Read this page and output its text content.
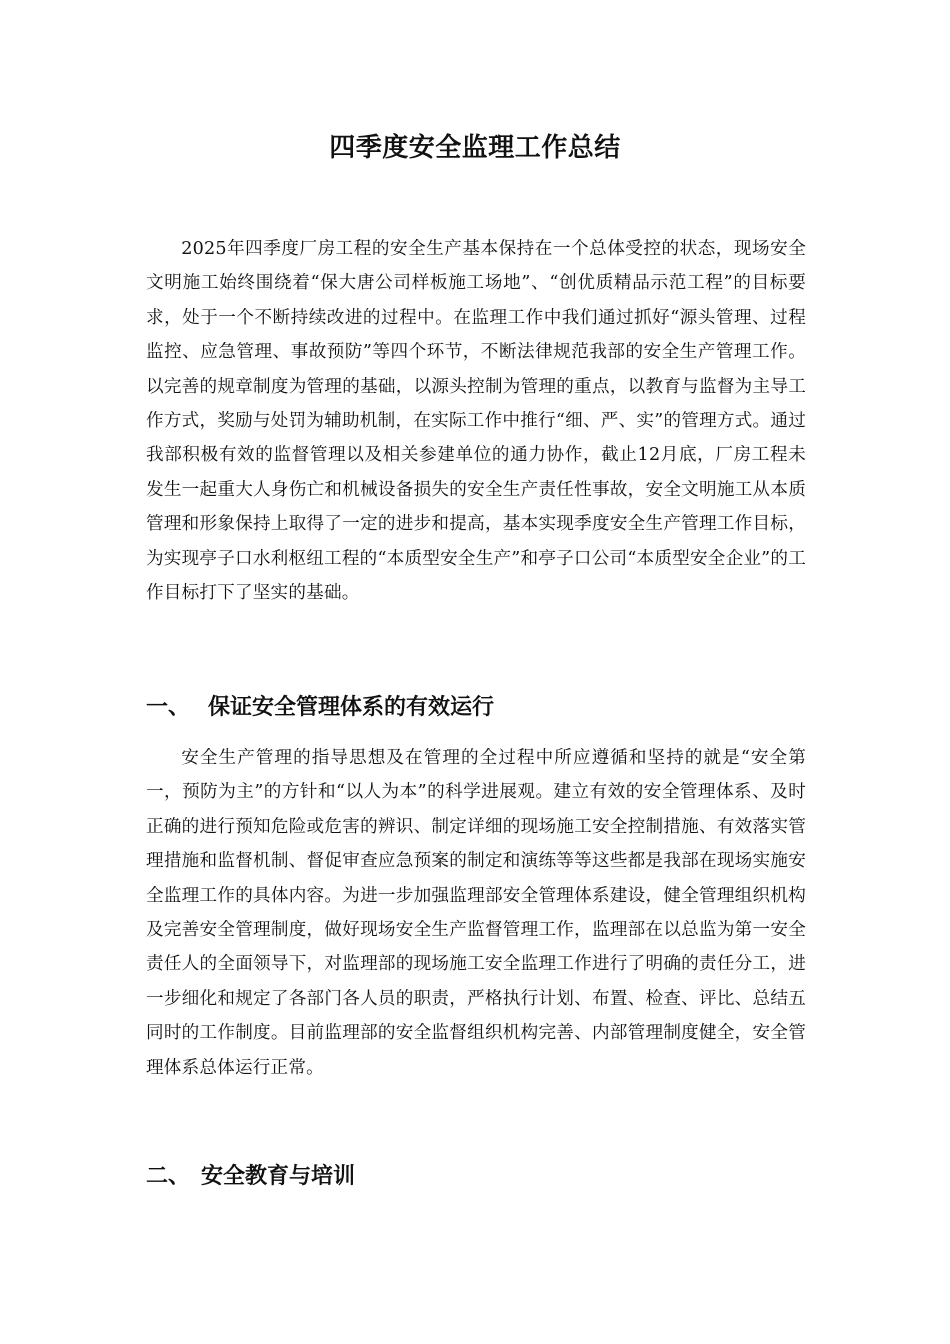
四季度安全监理工作总结

2025年四季度厂房工程的安全生产基本保持在一个总体受控的状态，现场安全文明施工始终围绕着“保大唐公司样板施工场地”、“创优质精品示范工程”的目标要求，处于一个不断持续改进的过程中。在监理工作中我们通过抓好“源头管理、过程监控、应急管理、事故预防”等四个环节，不断法律规范我部的安全生产管理工作。以完善的规章制度为管理的基础，以源头控制为管理的重点，以教育与监督为主导工作方式，奖励与处罚为辅助机制，在实际工作中推行“细、严、实”的管理方式。通过我部积极有效的监督管理以及相关参建单位的通力协作，截止12月底，厂房工程未发生一起重大人身伤亡和机械设备损失的安全生产责任性事故，安全文明施工从本质管理和形象保持上取得了一定的进步和提高，基本实现季度安全生产管理工作目标，为实现亭子口水利枢纽工程的“本质型安全生产”和亭子口公司“本质型安全企业”的工作目标打下了坚实的基础。

一、 保证安全管理体系的有效运行

安全生产管理的指导思想及在管理的全过程中所应遵循和坚持的就是“安全第一，预防为主”的方针和“以人为本”的科学进展观。建立有效的安全管理体系、及时正确的进行预知危险或危害的辨识、制定详细的现场施工安全控制措施、有效落实管理措施和监督机制、督促审查应急预案的制定和演练等等这些都是我部在现场实施安全监理工作的具体内容。为进一步加强监理部安全管理体系建设，健全管理组织机构及完善安全管理制度，做好现场安全生产监督管理工作，监理部在以总监为第一安全责任人的全面领导下，对监理部的现场施工安全监理工作进行了明确的责任分工，进一步细化和规定了各部门各人员的职责，严格执行计划、布置、检查、评比、总结五同时的工作制度。目前监理部的安全监督组织机构完善、内部管理制度健全，安全管理体系总体运行正常。

二、 安全教育与培训
